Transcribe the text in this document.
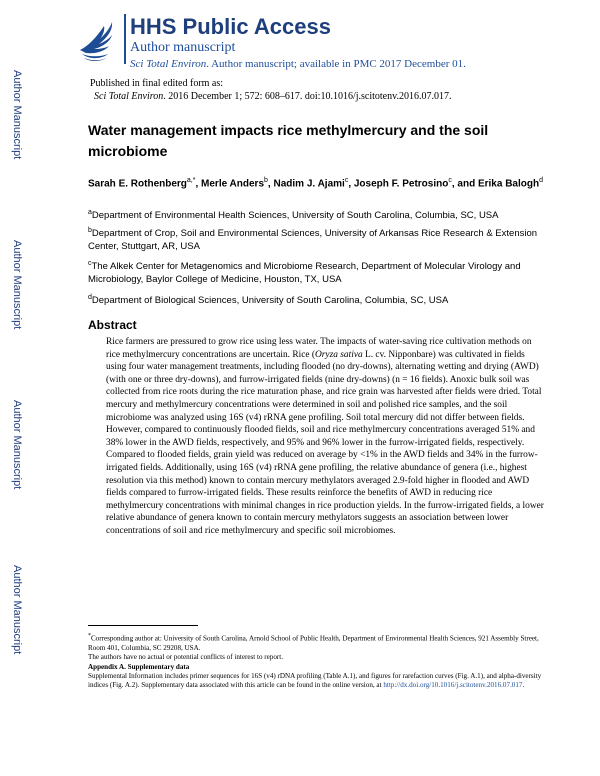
HHS Public Access
Author manuscript
Sci Total Environ. Author manuscript; available in PMC 2017 December 01.
Author Manuscript
Author Manuscript
Author Manuscript
Author Manuscript
Published in final edited form as:
Sci Total Environ. 2016 December 1; 572: 608–617. doi:10.1016/j.scitotenv.2016.07.017.
Water management impacts rice methylmercury and the soil microbiome
Sarah E. Rothenberg$^{a,*}$, Merle Anders$^b$, Nadim J. Ajami$^c$, Joseph F. Petrosino$^c$, and Erika Balogh$^d$
$^a$Department of Environmental Health Sciences, University of South Carolina, Columbia, SC, USA
$^b$Department of Crop, Soil and Environmental Sciences, University of Arkansas Rice Research & Extension Center, Stuttgart, AR, USA
$^c$The Alkek Center for Metagenomics and Microbiome Research, Department of Molecular Virology and Microbiology, Baylor College of Medicine, Houston, TX, USA
$^d$Department of Biological Sciences, University of South Carolina, Columbia, SC, USA
Abstract
Rice farmers are pressured to grow rice using less water. The impacts of water-saving rice cultivation methods on rice methylmercury concentrations are uncertain. Rice (Oryza sativa L. cv. Nipponbare) was cultivated in fields using four water management treatments, including flooded (no dry-downs), alternating wetting and drying (AWD) (with one or three dry-downs), and furrow-irrigated fields (nine dry-downs) (n = 16 fields). Anoxic bulk soil was collected from rice roots during the rice maturation phase, and rice grain was harvested after fields were dried. Total mercury and methylmercury concentrations were determined in soil and polished rice samples, and the soil microbiome was analyzed using 16S (v4) rRNA gene profiling. Soil total mercury did not differ between fields. However, compared to continuously flooded fields, soil and rice methylmercury concentrations averaged 51% and 38% lower in the AWD fields, respectively, and 95% and 96% lower in the furrow-irrigated fields, respectively. Compared to flooded fields, grain yield was reduced on average by <1% in the AWD fields and 34% in the furrow-irrigated fields. Additionally, using 16S (v4) rRNA gene profiling, the relative abundance of genera (i.e., highest resolution via this method) known to contain mercury methylators averaged 2.9-fold higher in flooded and AWD fields compared to furrow-irrigated fields. These results reinforce the benefits of AWD in reducing rice methylmercury concentrations with minimal changes in rice production yields. In the furrow-irrigated fields, a lower relative abundance of genera known to contain mercury methylators suggests an association between lower concentrations of soil and rice methylmercury and specific soil microbiomes.
*Corresponding author at: University of South Carolina, Arnold School of Public Health, Department of Environmental Health Sciences, 921 Assembly Street, Room 401, Columbia, SC 29208, USA.
The authors have no actual or potential conflicts of interest to report.
Appendix A. Supplementary data
Supplemental Information includes primer sequences for 16S (v4) rDNA profiling (Table A.1), and figures for rarefaction curves (Fig. A.1), and alpha-diversity indices (Fig. A.2). Supplementary data associated with this article can be found in the online version, at http://dx.doi.org/10.1016/j.scitotenv.2016.07.017.
